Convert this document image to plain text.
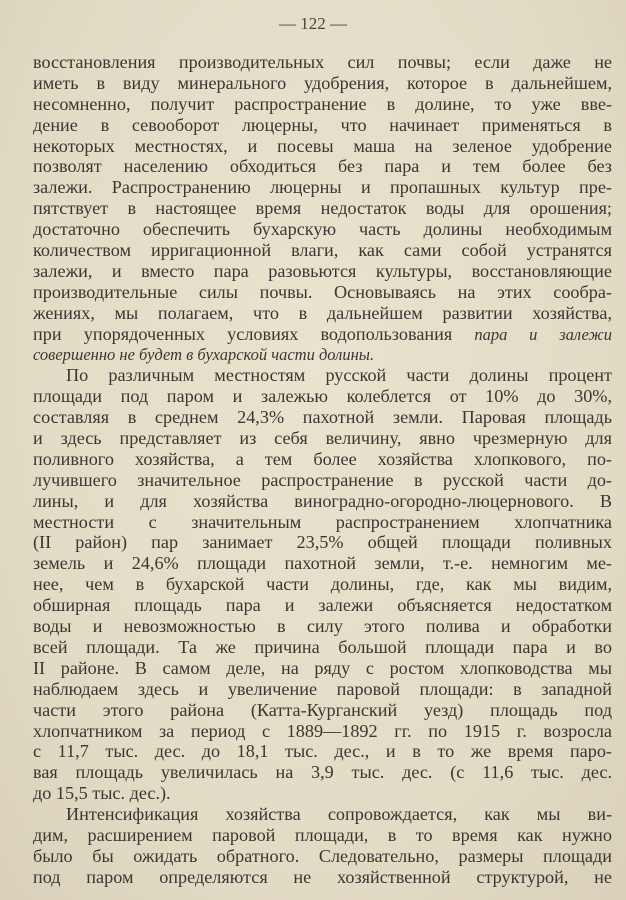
— 122 —
восстановления производительных сил почвы; если даже не
иметь в виду минерального удобрения, которое в дальнейшем,
несомненно, получит распространение в долине, то уже вве-
дение в севооборот люцерны, что начинает применяться в
некоторых местностях, и посевы маша на зеленое удобрение
позволят населению обходиться без пара и тем более без
залежи. Распространению люцерны и пропашных культур пре-
пятствует в настоящее время недостаток воды для орошения;
достаточно обеспечить бухарскую часть долины необходимым
количеством ирригационной влаги, как сами собой устранятся
залежи, и вместо пара разовьются культуры, восстановляющие
производительные силы почвы. Основываясь на этих сообра-
жениях, мы полагаем, что в дальнейшем развитии хозяйства,
при упорядоченных условиях водопользования пара и залежи
совершенно не будет в бухарской части долины.
По различным местностям русской части долины процент
площади под паром и залежью колеблется от 10% до 30%,
составляя в среднем 24,3% пахотной земли. Паровая площадь
и здесь представляет из себя величину, явно чрезмерную для
поливного хозяйства, а тем более хозяйства хлопкового, по-
лучившего значительное распространение в русской части до-
лины, и для хозяйства виноградно-огородно-люцернового. В
местности с значительным распространением хлопчатника
(II район) пар занимает 23,5% общей площади поливных
земель и 24,6% площади пахотной земли, т.-е. немногим ме-
нее, чем в бухарской части долины, где, как мы видим,
обширная площадь пара и залежи объясняется недостатком
воды и невозможностью в силу этого полива и обработки
всей площади. Та же причина большой площади пара и во
II районе. В самом деле, на ряду с ростом хлопководства мы
наблюдаем здесь и увеличение паровой площади: в западной
части этого района (Катта-Курганский уезд) площадь под
хлопчатником за период с 1889—1892 гг. по 1915 г. возросла
с 11,7 тыс. дес. до 18,1 тыс. дес., и в то же время паро-
вая площадь увеличилась на 3,9 тыс. дес. (с 11,6 тыс. дес.
до 15,5 тыс. дес.).
Интенсификация хозяйства сопровождается, как мы ви-
дим, расширением паровой площади, в то время как нужно
было бы ожидать обратного. Следовательно, размеры площади
под паром определяются не хозяйственной структурой, не
